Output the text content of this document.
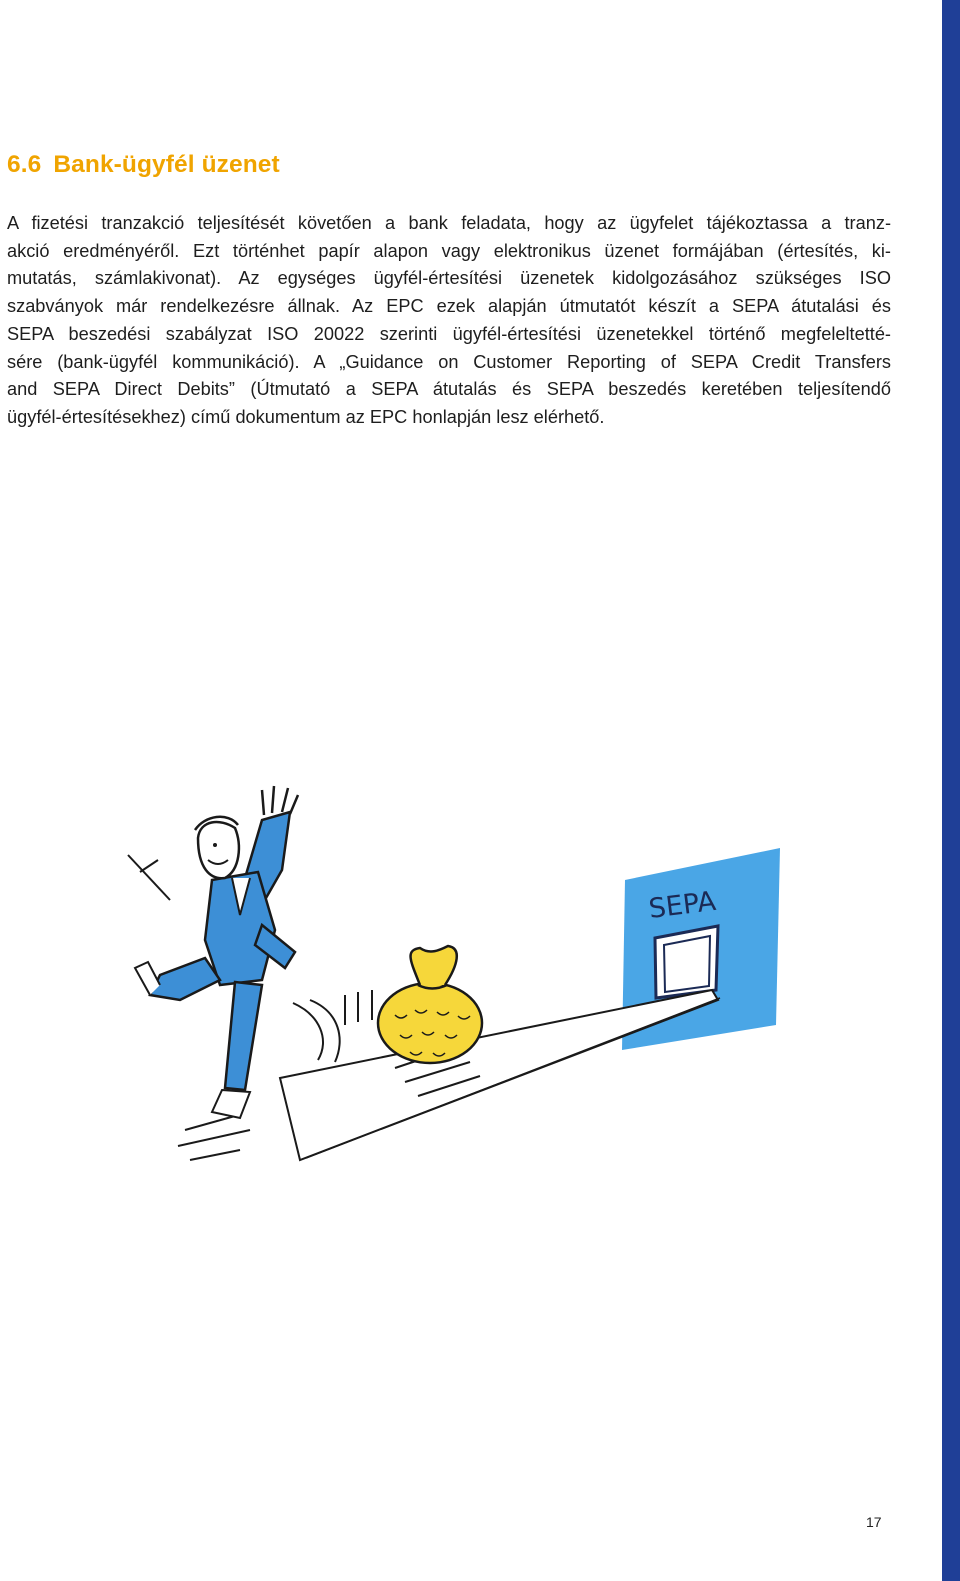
6.6 Bank-ügyfél üzenet
A fizetési tranzakció teljesítését követően a bank feladata, hogy az ügyfelet tájékoztassa a tranz-
akció eredményéről. Ezt történhet papír alapon vagy elektronikus üzenet formájában (értesítés, ki-
mutatás, számlakivonat). Az egységes ügyfél-értesítési üzenetek kidolgozásához szükséges ISO
szabványok már rendelkezésre állnak. Az EPC ezek alapján útmutatót készít a SEPA átutalási és
SEPA beszedési szabályzat ISO 20022 szerinti ügyfél-értesítési üzenetekkel történő megfeleltetté-
sére (bank-ügyfél kommunikáció). A „Guidance on Customer Reporting of SEPA Credit Transfers
and SEPA Direct Debits” (Útmutató a SEPA átutalás és SEPA beszedés keretében teljesítendő
ügyfél-értesítésekhez) című dokumentum az EPC honlapján lesz elérhető.
SEPA
17
